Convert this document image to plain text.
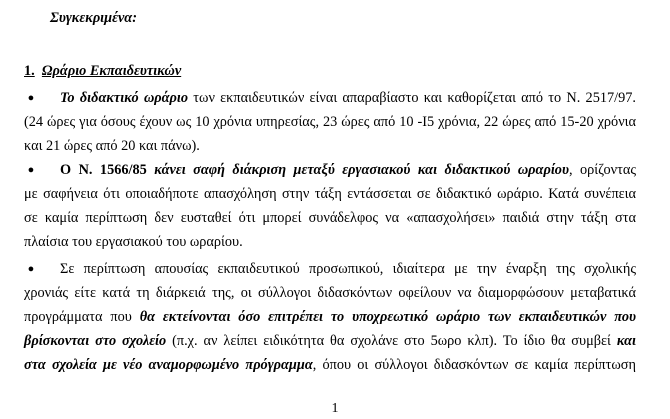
Συγκεκριμένα:
1. Ωράριο Εκπαιδευτικών
● Το διδακτικό ωράριο των εκπαιδευτικών είναι απαραβίαστο και καθορίζεται από το Ν. 2517/97.
(24 ώρες για όσους έχουν ως 10 χρόνια υπηρεσίας, 23 ώρες από 10 -Ι5 χρόνια, 22 ώρες από 15-20 χρόνια
και 21 ώρες από 20 και πάνω).
● Ο Ν. 1566/85 κάνει σαφή διάκριση μεταξύ εργασιακού και διδακτικού ωραρίου, ορίζοντας
με σαφήνεια ότι οποιαδήποτε απασχόληση στην τάξη εντάσσεται σε διδακτικό ωράριο. Κατά συνέπεια
σε καμία περίπτωση δεν ευσταθεί ότι μπορεί συνάδελφος να «απασχολήσει» παιδιά στην τάξη στα
πλαίσια του εργασιακού του ωραρίου.
● Σε περίπτωση απουσίας εκπαιδευτικού προσωπικού, ιδιαίτερα με την έναρξη της σχολικής
χρονιάς είτε κατά τη διάρκειά της, οι σύλλογοι διδασκόντων οφείλουν να διαμορφώσουν μεταβατικά
προγράμματα που θα εκτείνονται όσο επιτρέπει το υποχρεωτικό ωράριο των εκπαιδευτικών που
βρίσκονται στο σχολείο (π.χ. αν λείπει ειδικότητα θα σχολάνε στο 5ωρο κλπ). Το ίδιο θα συμβεί και
στα σχολεία με νέο αναμορφωμένο πρόγραμμα, όπου οι σύλλογοι διδασκόντων σε καμία περίπτωση
1
